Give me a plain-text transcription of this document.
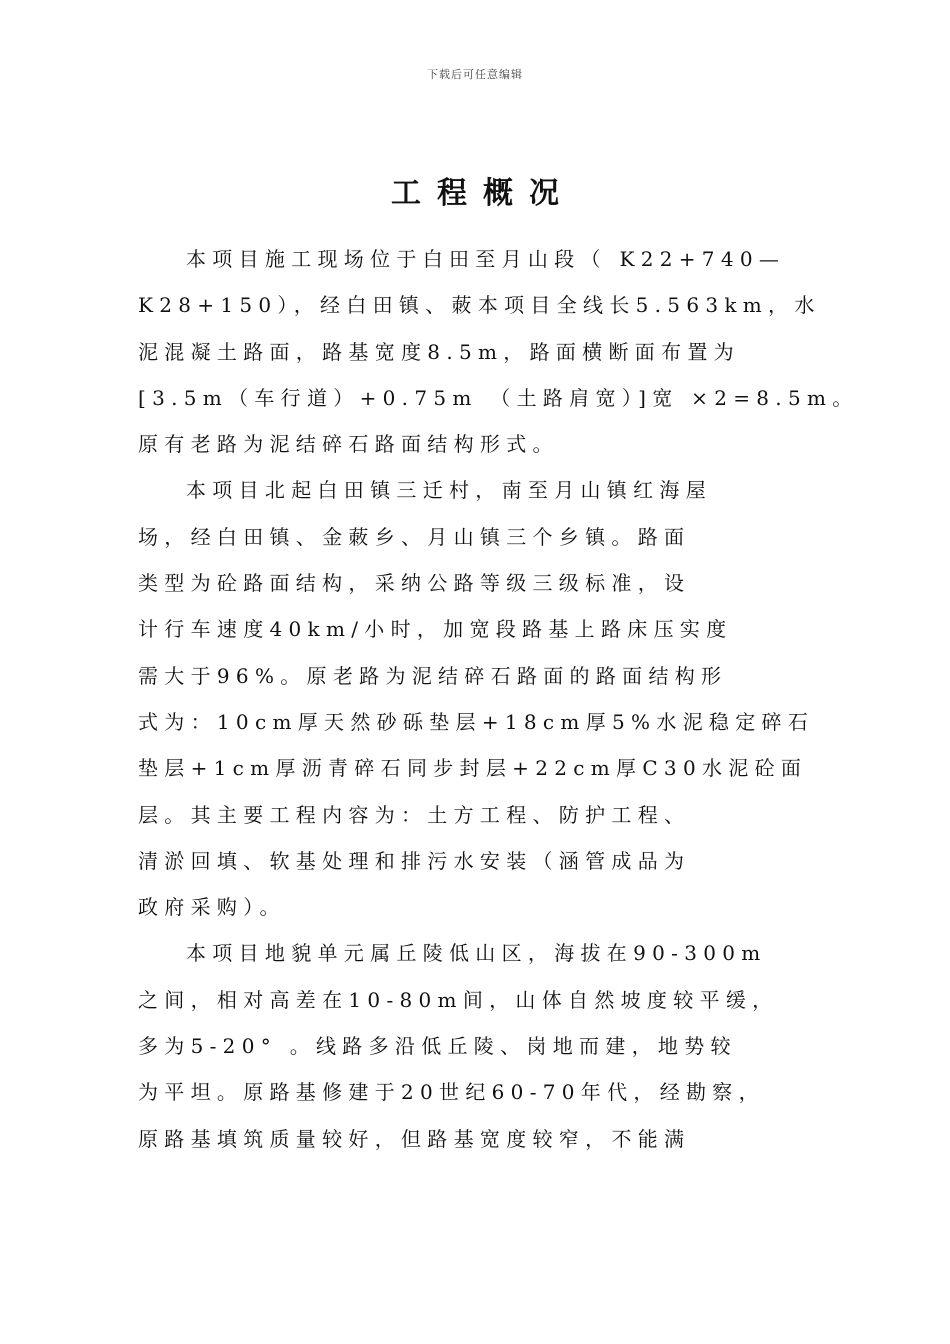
下载后可任意编辑
工程概况
本项目施工现场位于白田至月山段（ K22+740—
K28+150），经白田镇、蓛本项目全线长5.563km，水
泥混凝土路面，路基宽度8.5m，路面横断面布置为
[3.5m（车行道）+0.75m （土路肩宽）]宽 ×2=8.5m。
原有老路为泥结碎石路面结构形式。
本项目北起白田镇三迁村，南至月山镇红海屋
场，经白田镇、金蓛乡、月山镇三个乡镇。路面
类型为砼路面结构，采纳公路等级三级标准，设
计行车速度40km/小时，加宽段路基上路床压实度
需大于96%。原老路为泥结碎石路面的路面结构形
式为：10cm厚天然砂砾垫层+18cm厚5%水泥稳定碎石
垫层+1cm厚沥青碎石同步封层+22cm厚C30水泥砼面
层。其主要工程内容为：土方工程、防护工程、
清淤回填、软基处理和排污水安装（涵管成品为
政府采购）。
本项目地貌单元属丘陵低山区，海拔在90-300m
之间，相对高差在10-80m间，山体自然坡度较平缓，
多为5-20° 。线路多沿低丘陵、岗地而建，地势较
为平坦。原路基修建于20世纪60-70年代，经勘察，
原路基填筑质量较好，但路基宽度较窄，不能满
